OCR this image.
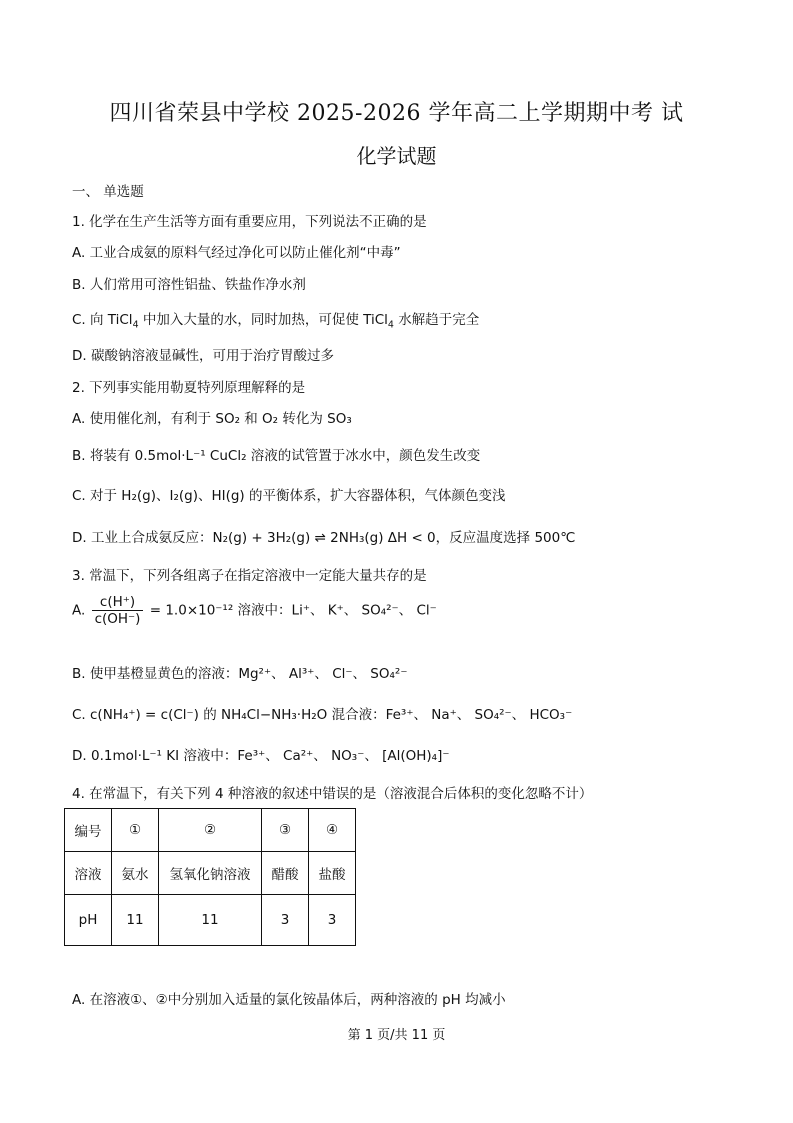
四川省荣县中学校 2025-2026 学年高二上学期期中考 试
化学试题
一、 单选题
1. 化学在生产生活等方面有重要应用，下列说法不正确的是
A. 工业合成氨的原料气经过净化可以防止催化剂“中毒”
B. 人们常用可溶性铝盐、铁盐作净水剂
C. 向 TiCl$_4$ 中加入大量的水，同时加热，可促使 TiCl$_4$ 水解趋于完全
D. 碳酸钠溶液显碱性，可用于治疗胃酸过多
2. 下列事实能用勒夏特列原理解释的是
A. 使用催化剂，有利于 SO₂ 和 O₂ 转化为 SO₃
B. 将装有 0.5mol·L⁻¹ CuCl₂ 溶液的试管置于冰水中，颜色发生改变
C. 对于 H₂(g)、I₂(g)、HI(g) 的平衡体系，扩大容器体积，气体颜色变浅
D. 工业上合成氨反应：N₂(g) + 3H₂(g) ⇌ 2NH₃(g) ΔH < 0，反应温度选择 500℃
3. 常温下，下列各组离子在指定溶液中一定能大量共存的是
A. $\frac{c(H^+)}{c(OH^-)} = 1.0\times 10^{-12}$ 溶液中：Li⁺、 K⁺、 SO₄²⁻、 Cl⁻
B. 使甲基橙显黄色的溶液：Mg²⁺、 Al³⁺、 Cl⁻、 SO₄²⁻
C. c(NH₄⁺) = c(Cl⁻) 的 NH₄Cl−NH₃·H₂O 混合液：Fe³⁺、 Na⁺、 SO₄²⁻、 HCO₃⁻
D. 0.1mol·L⁻¹ KI 溶液中：Fe³⁺、 Ca²⁺、 NO₃⁻、 [Al(OH)₄]⁻
4. 在常温下，有关下列 4 种溶液的叙述中错误的是（溶液混合后体积的变化忽略不计）
编号	①	②	③	④
溶液	氨水	氢氧化钠溶液	醋酸	盐酸
pH	11	11	3	3
A. 在溶液①、②中分别加入适量的氯化铵晶体后，两种溶液的 pH 均减小
第 1 页/共 11 页
